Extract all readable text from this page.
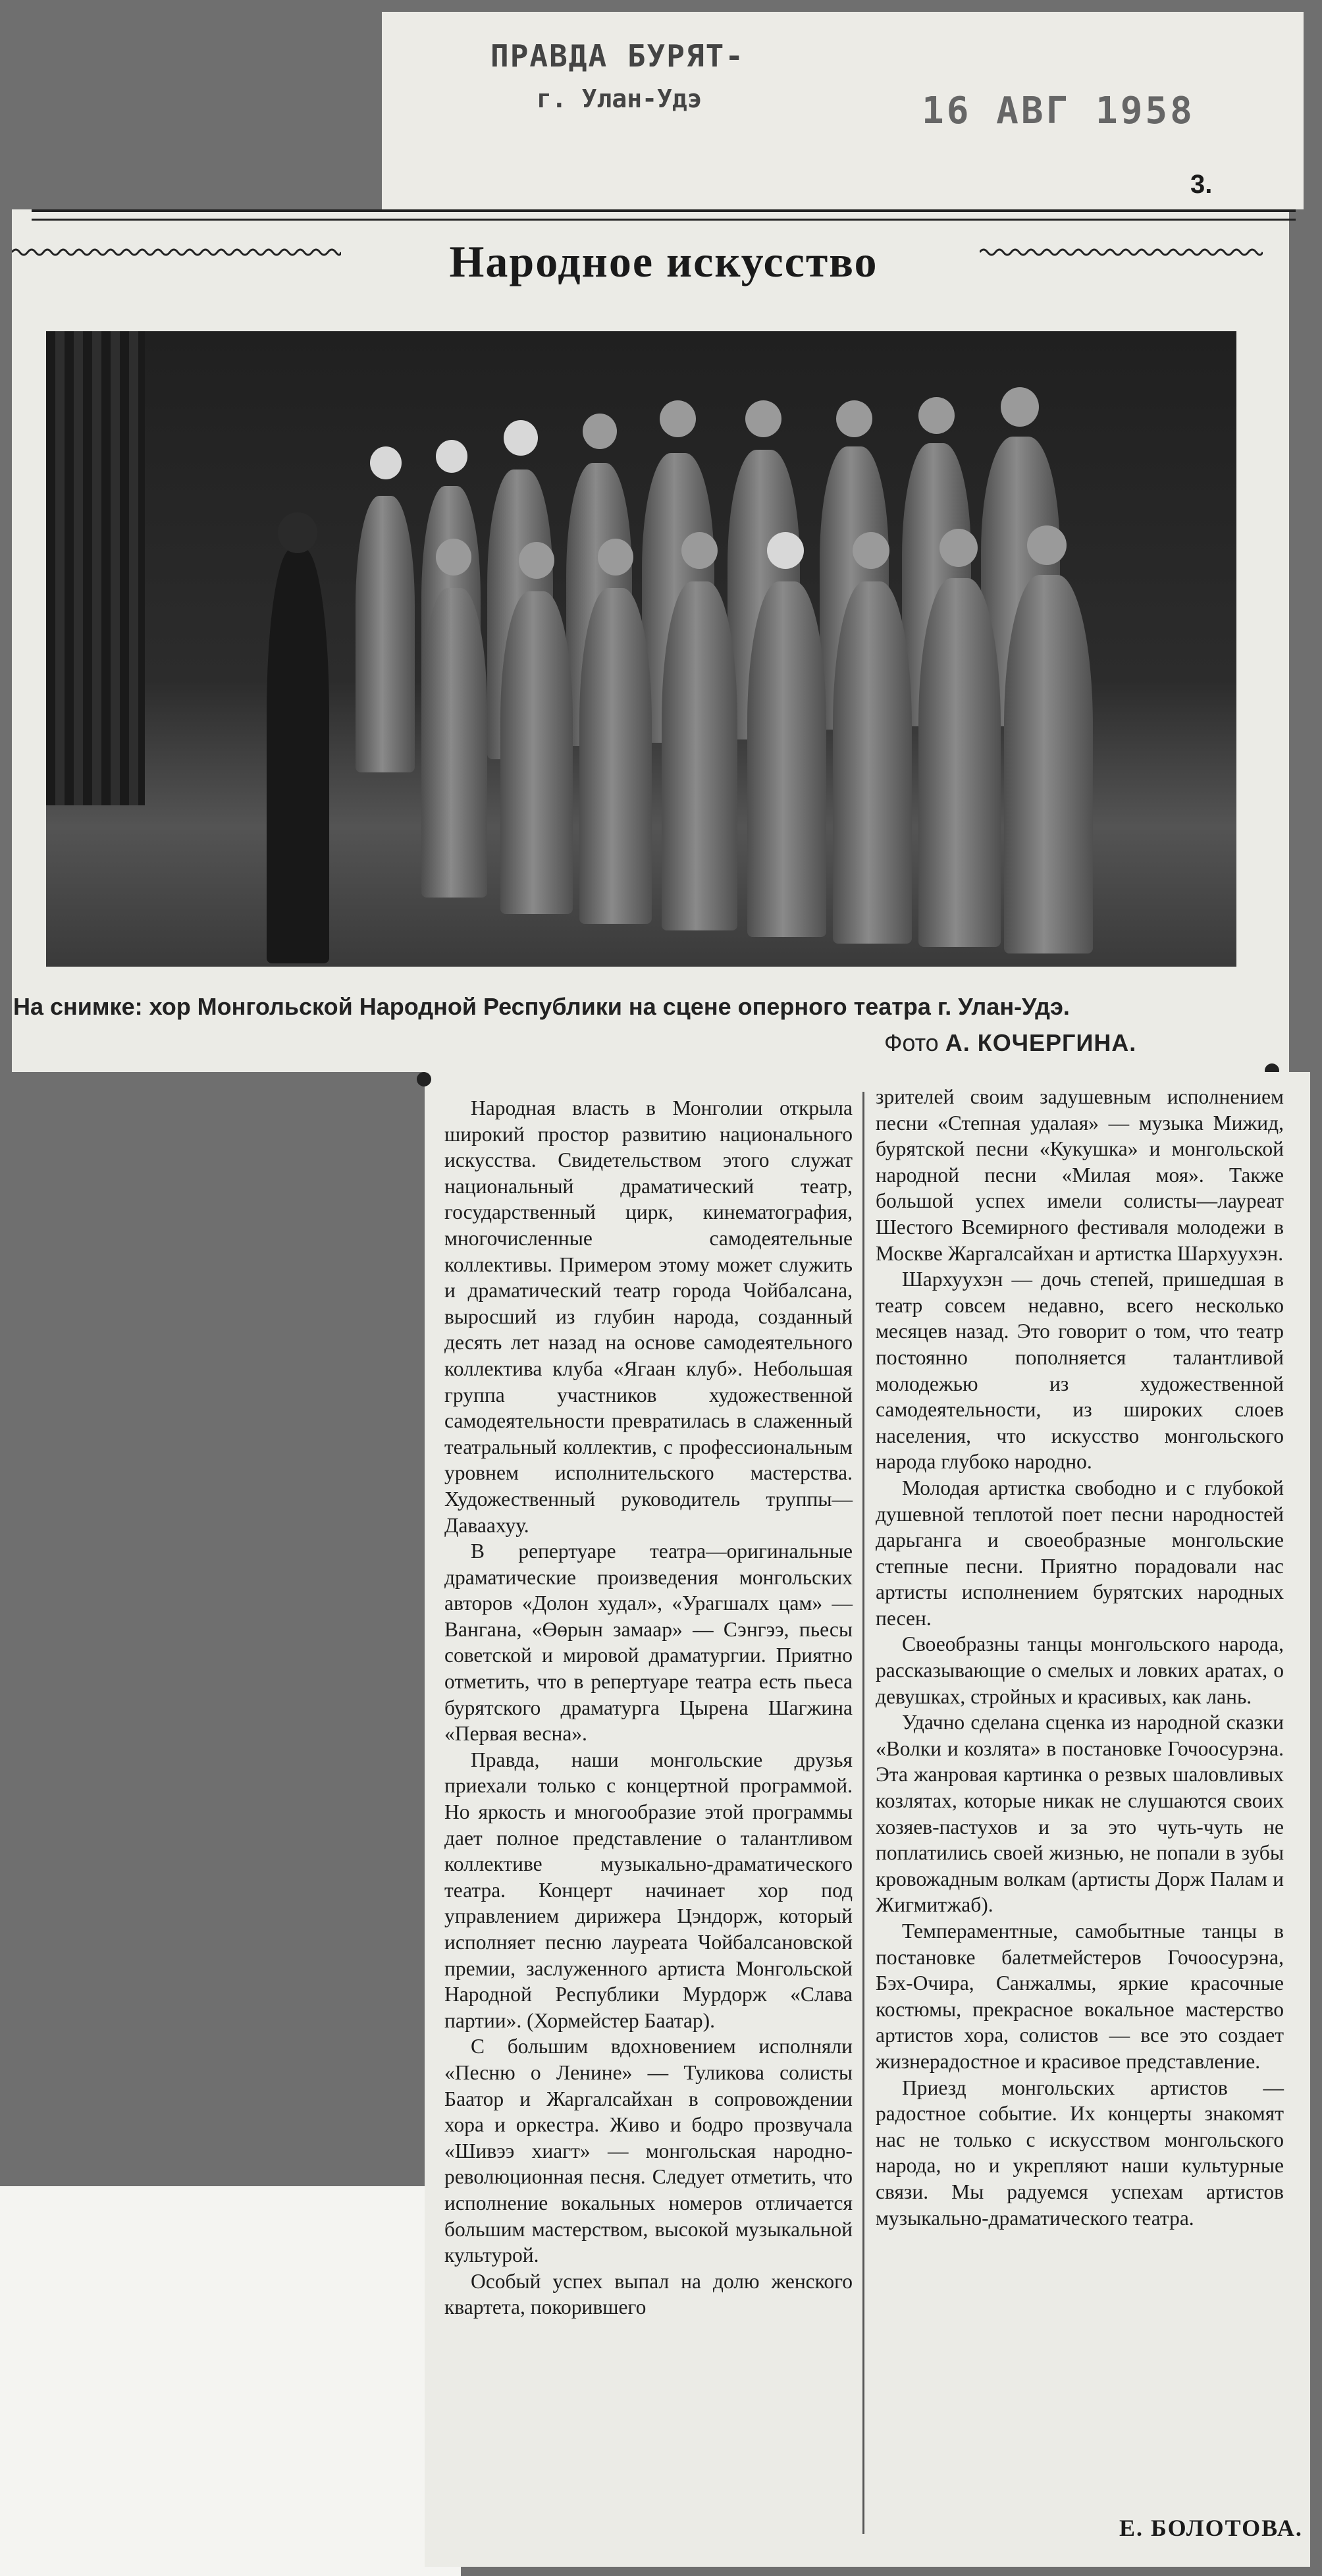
ПРАВДА БУРЯТ-
г. Улан-Удэ	16 АВГ 1958
3.
Народное искусство
На снимке: хор Монгольской Народной Республики на сцене оперного театра г. Улан-Удэ.
Фото А. КОЧЕРГИНА.

Народная власть в Монголии открыла широкий простор развитию национального искусства. Свидетельством этого служат национальный драматический театр, государственный цирк, кинематография, многочисленные самодеятельные коллективы. Примером этому может служить и драматический театр города Чойбалсана, выросший из глубин народа, созданный десять лет назад на основе самодеятельного коллектива клуба «Ягаан клуб». Небольшая группа участников художественной самодеятельности превратилась в слаженный театральный коллектив, с профессиональным уровнем исполнительского мастерства. Художественный руководитель труппы—Даваахуу.

В репертуаре театра—оригинальные драматические произведения монгольских авторов «Долон худал», «Урагшалх цам» — Вангана, «Өөрын замаар» — Сэнгээ, пьесы советской и мировой драматургии. Приятно отметить, что в репертуаре театра есть пьеса бурятского драматурга Цырена Шагжина «Первая весна».

Правда, наши монгольские друзья приехали только с концертной программой. Но яркость и многообразие этой программы дает полное представление о талантливом коллективе музыкально-драматического театра. Концерт начинает хор под управлением дирижера Цэндорж, который исполняет песню лауреата Чойбалсановской премии, заслуженного артиста Монгольской Народной Республики Мурдорж «Слава партии». (Хормейстер Баатар).

С большим вдохновением исполняли «Песню о Ленине» — Туликова солисты Баатор и Жаргалсайхан в сопровождении хора и оркестра. Живо и бодро прозвучала «Шивээ хиагт» — монгольская народно-революционная песня. Следует отметить, что исполнение вокальных номеров отличается большим мастерством, высокой музыкальной культурой.

Особый успех выпал на долю женского квартета, покорившего

зрителей своим задушевным исполнением песни «Степная удалая» — музыка Мижид, бурятской песни «Кукушка» и монгольской народной песни «Милая моя». Также большой успех имели солисты—лауреат Шестого Всемирного фестиваля молодежи в Москве Жаргалсайхан и артистка Шархуухэн.

Шархуухэн — дочь степей, пришедшая в театр совсем недавно, всего несколько месяцев назад. Это говорит о том, что театр постоянно пополняется талантливой молодежью из художественной самодеятельности, из широких слоев населения, что искусство монгольского народа глубоко народно.

Молодая артистка свободно и с глубокой душевной теплотой поет песни народностей дарьганга и своеобразные монгольские степные песни. Приятно порадовали нас артисты исполнением бурятских народных песен.

Своеобразны танцы монгольского народа, рассказывающие о смелых и ловких аратах, о девушках, стройных и красивых, как лань.

Удачно сделана сценка из народной сказки «Волки и козлята» в постановке Гочоосурэна. Эта жанровая картинка о резвых шаловливых козлятах, которые никак не слушаются своих хозяев-пастухов и за это чуть-чуть не поплатились своей жизнью, не попали в зубы кровожадным волкам (артисты Дорж Палам и Жигмитжаб).

Темпераментные, самобытные танцы в постановке балетмейстеров Гочоосурэна, Бэх-Очира, Санжалмы, яркие красочные костюмы, прекрасное вокальное мастерство артистов хора, солистов — все это создает жизнерадостное и красивое представление.

Приезд монгольских артистов — радостное событие. Их концерты знакомят нас не только с искусством монгольского народа, но и укрепляют наши культурные связи. Мы радуемся успехам артистов музыкально-драматического театра.

Е. БОЛОТОВА.
